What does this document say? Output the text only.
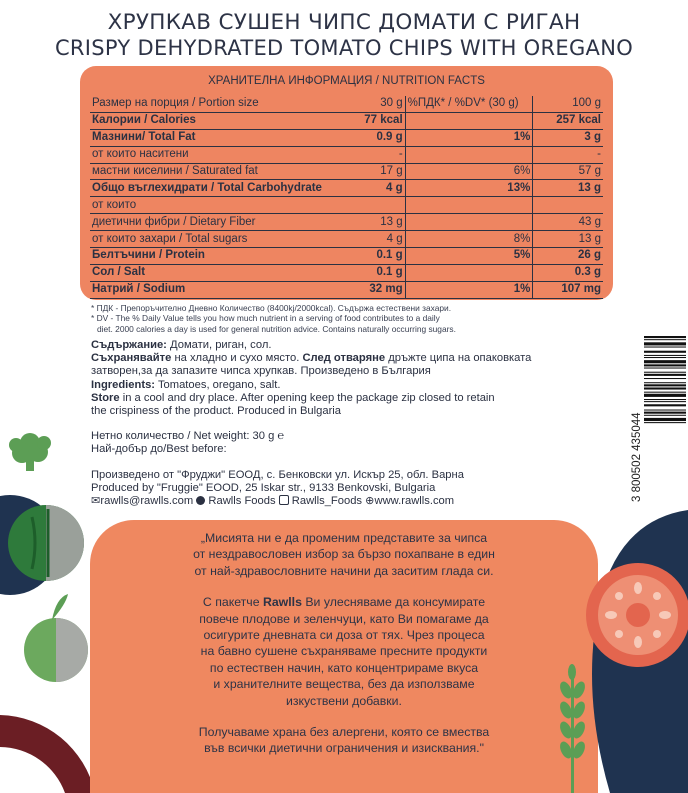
ХРУПКАВ СУШЕН ЧИПС ДОМАТИ С РИГАН
CRISPY DEHYDRATED TOMATO CHIPS WITH OREGANO
ХРАНИТЕЛНА ИНФОРМАЦИЯ / NUTRITION FACTS
Размер на порция / Portion size	30 g	%ПДК* / %DV* (30 g)	100 g
Калории / Calories	77 kcal		257 kcal
Мазнини/ Total Fat	0.9 g	1%	3 g
от които наситени	-		-
мастни киселини / Saturated fat	17 g	6%	57 g
Общо въглехидрати / Total Carbohydrate	4 g	13%	13 g
от които			
диетични фибри / Dietary Fiber	13 g		43 g
от които захари / Total sugars	4 g	8%	13 g
Белтъчини / Protein	0.1 g	5%	26 g
Сол / Salt	0.1 g		0.3 g
Натрий / Sodium	32 mg	1%	107 mg
* ПДК - Препоръчително Дневно Количество (8400kj/2000kcal). Съдържа естествени захари.
* DV - The % Daily Value tells you how much nutrient in a serving of food contributes to a daily
diet. 2000 calories a day is used for general nutrition advice. Contains naturally occurring sugars.
Съдържание: Домати, риган, сол.
Съхранявайте на хладно и сухо място. След отваряне дръжте ципа на опаковката
затворен,за да запазите чипса хрупкав. Произведено в България
Ingredients: Tomatoes, oregano, salt.
Store in a cool and dry place. After opening keep the package zip closed to retain
the crispiness of the product. Produced in Bulgaria
Нетно количество / Net weight: 30 g ℮
Най-добър до/Best before:
Произведено от "Фруджи" ЕООД, с. Бенковски ул. Искър 25, обл. Варна
Produced by "Fruggie" EOOD, 25 Iskar str., 9133 Benkovski, Bulgaria
✉rawlls@rawlls.com Rawlls Foods Rawlls_Foods ⊕www.rawlls.com	3 800502 435044

„Мисията ни е да променим представите за чипса
от нездравословен избор за бързо похапване в един
от най-здравословните начини да заситим глада си.

С пакетче Rawlls Ви улесняваме да консумирате
повече плодове и зеленчуци, като Ви помагаме да
осигурите дневната си доза от тях. Чрез процеса
на бавно сушене съхраняваме пресните продукти
по естествен начин, като концентрираме вкуса
и хранителните вещества, без да използваме
изкуствени добавки.

Получаваме храна без алергени, която се вмества
във всички диетични ограничения и изисквания."
